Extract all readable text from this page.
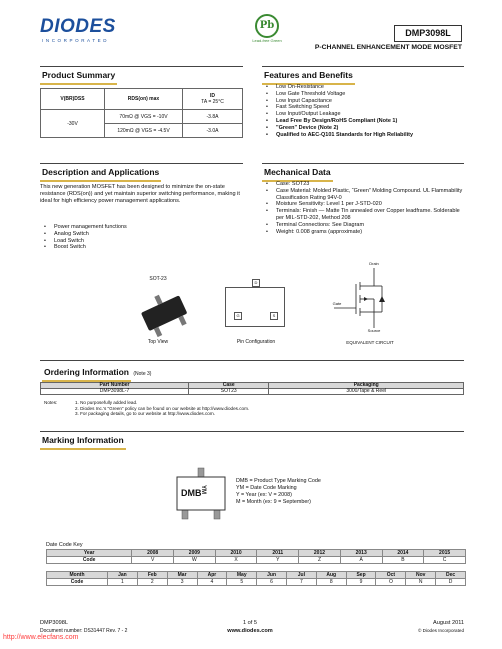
DIODES
INCORPORATED
Pb
Lead-free Green
DMP3098L
P-CHANNEL ENHANCEMENT MODE MOSFET
Product Summary
V(BR)DSS	RDS(on) max	ID
TA = 25°C
-30V	70mΩ @ VGS = -10V	-3.8A
	120mΩ @ VGS = -4.5V	-3.0A
Features and Benefits
• Low On-Resistance
• Low Gate Threshold Voltage
• Low Input Capacitance
• Fast Switching Speed
• Low Input/Output Leakage
• Lead Free By Design/RoHS Compliant (Note 1)
• "Green" Device (Note 2)
• Qualified to AEC-Q101 Standards for High Reliability
Description and Applications
This new generation MOSFET has been designed to minimize the on-state resistance (RDS(on)) and yet maintain superior switching performance, making it ideal for high efficiency power management applications.
• Power management functions
• Analog Switch
• Load Switch
• Boost Switch
Mechanical Data
• Case: SOT23
• Case Material: Molded Plastic, “Green” Molding Compound. UL Flammability Classification Rating 94V-0
• Moisture Sensitivity: Level 1 per J-STD-020
• Terminals: Finish — Matte Tin annealed over Copper leadframe. Solderable per MIL-STD-202, Method 208
• Terminal Connections: See Diagram
• Weight: 0.008 grams (approximate)
SOT-23
Top View
D
G	S
Pin Configuration
Drain
Gate
Source
EQUIVALENT CIRCUIT
Ordering Information (Note 3)
Part Number	Case	Packaging
DMP3098L-7	SOT23	3000/Tape & Reel
Notes:	1. No purposefully added lead.
2. Diodes Inc.'s "Green" policy can be found on our website at http://www.diodes.com.
3. For packaging details, go to our website at http://www.diodes.com.
Marking Information
DMB
YM
DMB = Product Type Marking Code
YM = Date Code Marking
Y = Year (ex: V = 2008)
M = Month (ex: 9 = September)
Date Code Key
Year	2008	2009	2010	2011	2012	2013	2014	2015
Code	V	W	X	Y	Z	A	B	C
Month	Jan	Feb	Mar	Apr	May	Jun	Jul	Aug	Sep	Oct	Nov	Dec
Code	1	2	3	4	5	6	7	8	9	O	N	D
DMP3098L
Document number: DS31447 Rev. 7 - 2
1 of 5
www.diodes.com
August 2011
© Diodes Incorporated
http://www.elecfans.com
